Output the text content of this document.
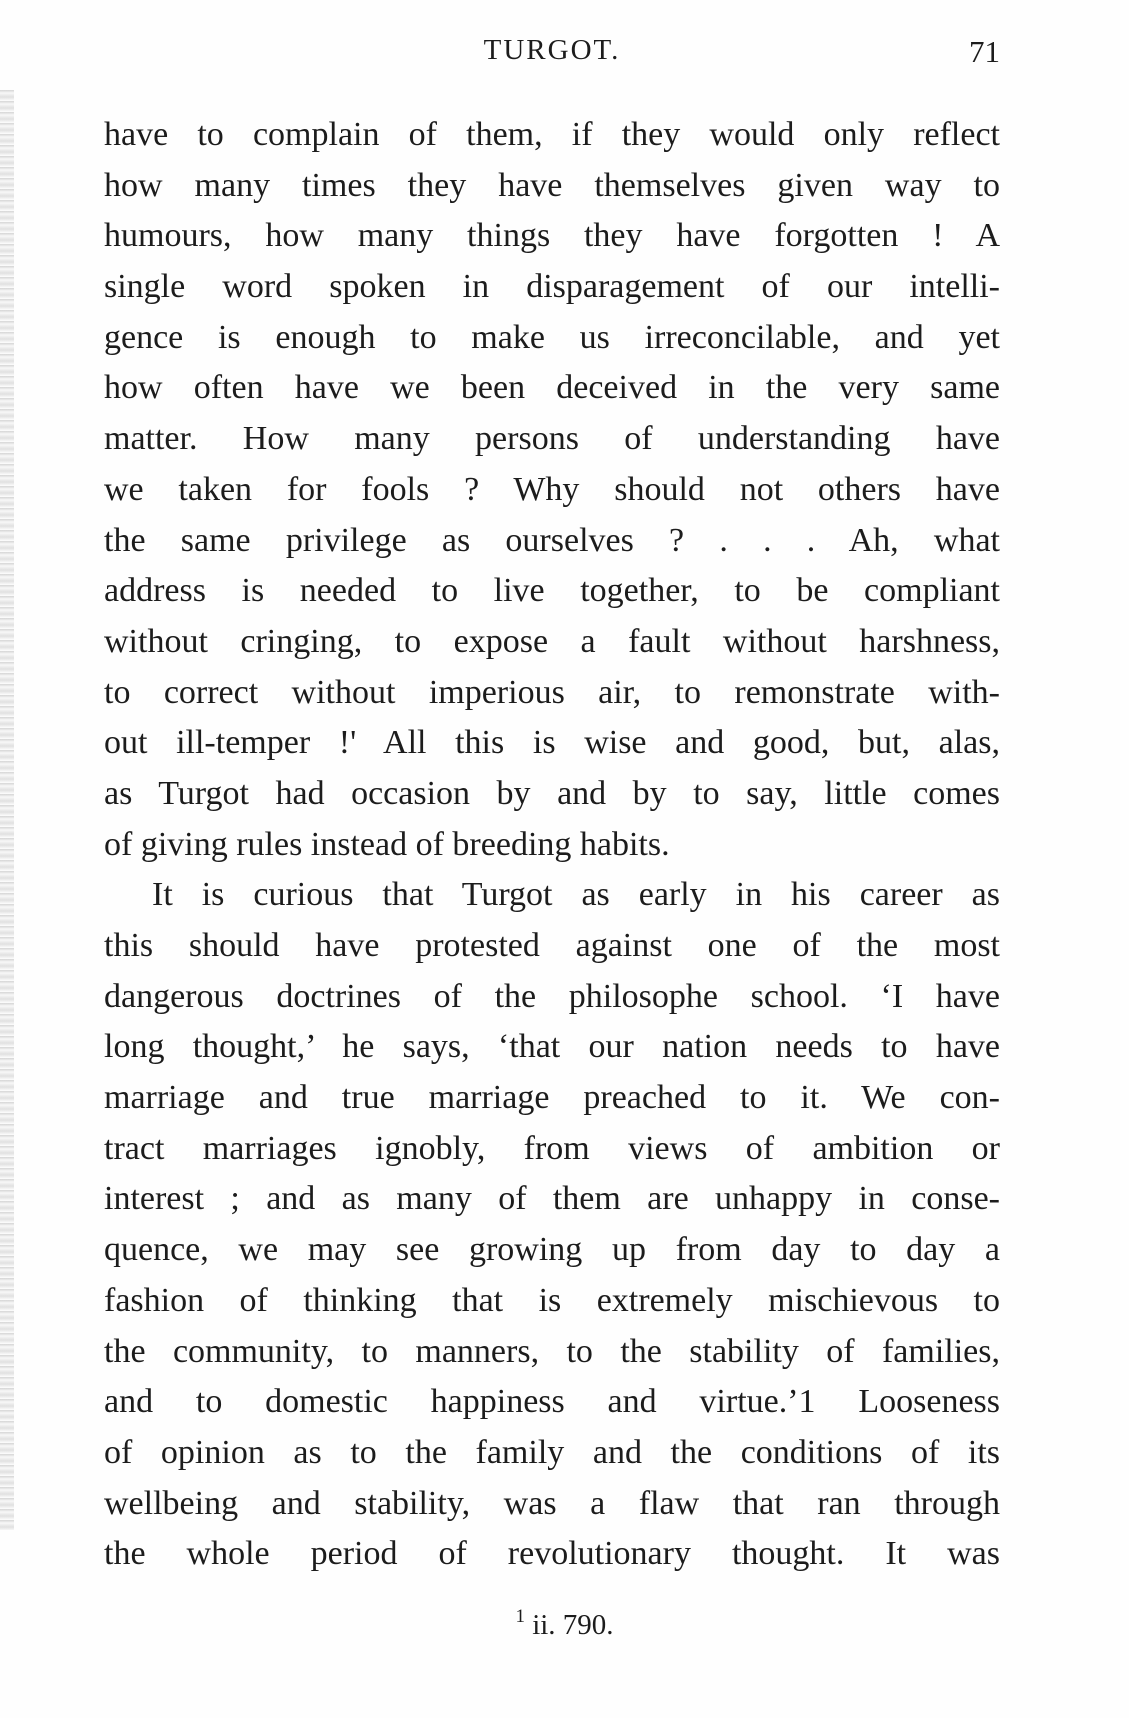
TURGOT.	71
have to complain of them, if they would only reflect
how many times they have themselves given way to
humours, how many things they have forgotten ! A
single word spoken in disparagement of our intelli-
gence is enough to make us irreconcilable, and yet
how often have we been deceived in the very same
matter. How many persons of understanding have
we taken for fools ? Why should not others have
the same privilege as ourselves ? . . . Ah, what
address is needed to live together, to be compliant
without cringing, to expose a fault without harshness,
to correct without imperious air, to remonstrate with-
out ill-temper !' All this is wise and good, but, alas,
as Turgot had occasion by and by to say, little comes
of giving rules instead of breeding habits.
It is curious that Turgot as early in his career as
this should have protested against one of the most
dangerous doctrines of the philosophe school. ‘I have
long thought,’ he says, ‘that our nation needs to have
marriage and true marriage preached to it. We con-
tract marriages ignobly, from views of ambition or
interest ; and as many of them are unhappy in conse-
quence, we may see growing up from day to day a
fashion of thinking that is extremely mischievous to
the community, to manners, to the stability of families,
and to domestic happiness and virtue.’1 Looseness
of opinion as to the family and the conditions of its
wellbeing and stability, was a flaw that ran through
the whole period of revolutionary thought. It was
$^1$ ii. 790.
